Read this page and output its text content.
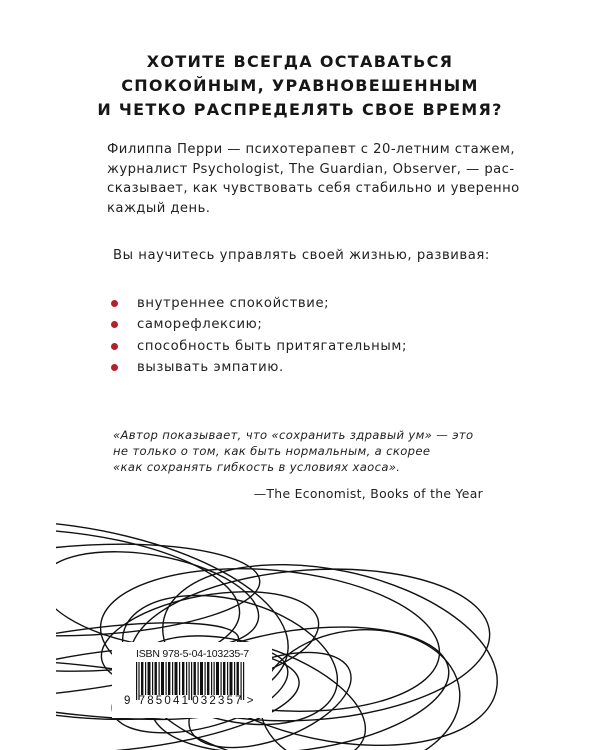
ХОТИТЕ ВСЕГДА ОСТАВАТЬСЯ
СПОКОЙНЫМ, УРАВНОВЕШЕННЫМ
И ЧЕТКО РАСПРЕДЕЛЯТЬ СВОЕ ВРЕМЯ?

Филиппа Перри — психотерапевт с 20-летним стажем,
журналист Psychologist, The Guardian, Observer, — рас-
сказывает, как чувствовать себя стабильно и уверенно
каждый день.

Вы научитесь управлять своей жизнью, развивая:

внутреннее спокойствие;
саморефлексию;
способность быть притягательным;
вызывать эмпатию.
«Автор показывает, что «сохранить здравый ум» — это
не только о том, как быть нормальным, а скорее
«как сохранять гибкость в условиях хаоса».

—The Economist, Books of the Year

ISBN 978-5-04-103235-7
9 785041 032357 >
